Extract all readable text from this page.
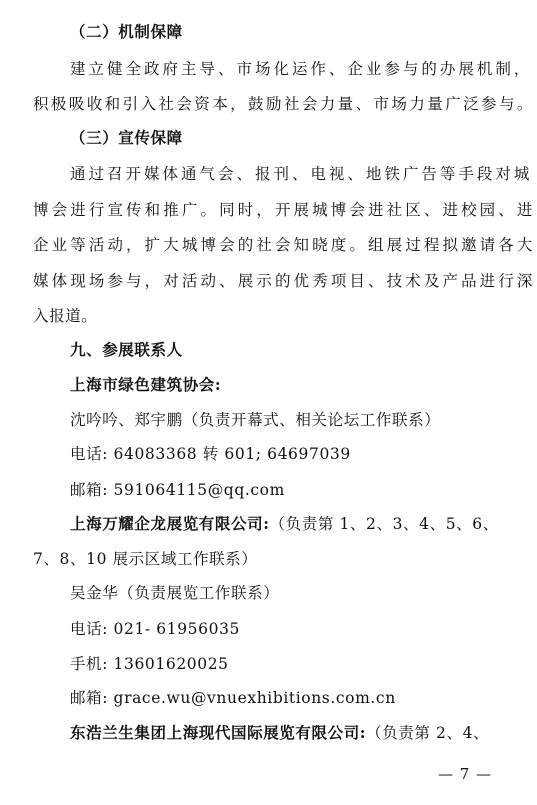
（二）机制保障
建立健全政府主导、市场化运作、企业参与的办展机制，
积极吸收和引入社会资本，鼓励社会力量、市场力量广泛参与。
（三）宣传保障
通过召开媒体通气会、报刊、电视、地铁广告等手段对城
博会进行宣传和推广。同时，开展城博会进社区、进校园、进
企业等活动，扩大城博会的社会知晓度。组展过程拟邀请各大
媒体现场参与，对活动、展示的优秀项目、技术及产品进行深
入报道。
九、参展联系人
上海市绿色建筑协会:
沈吟吟、郑宇鹏（负责开幕式、相关论坛工作联系）
电话: 64083368 转 601; 64697039
邮箱: 591064115@qq.com
上海万耀企龙展览有限公司:（负责第 1、2、3、4、5、6、
7、8、10 展示区域工作联系）
吴金华（负责展览工作联系）
电话: 021- 61956035
手机: 13601620025
邮箱: grace.wu@vnuexhibitions.com.cn
东浩兰生集团上海现代国际展览有限公司:（负责第 2、4、
— 7 —
